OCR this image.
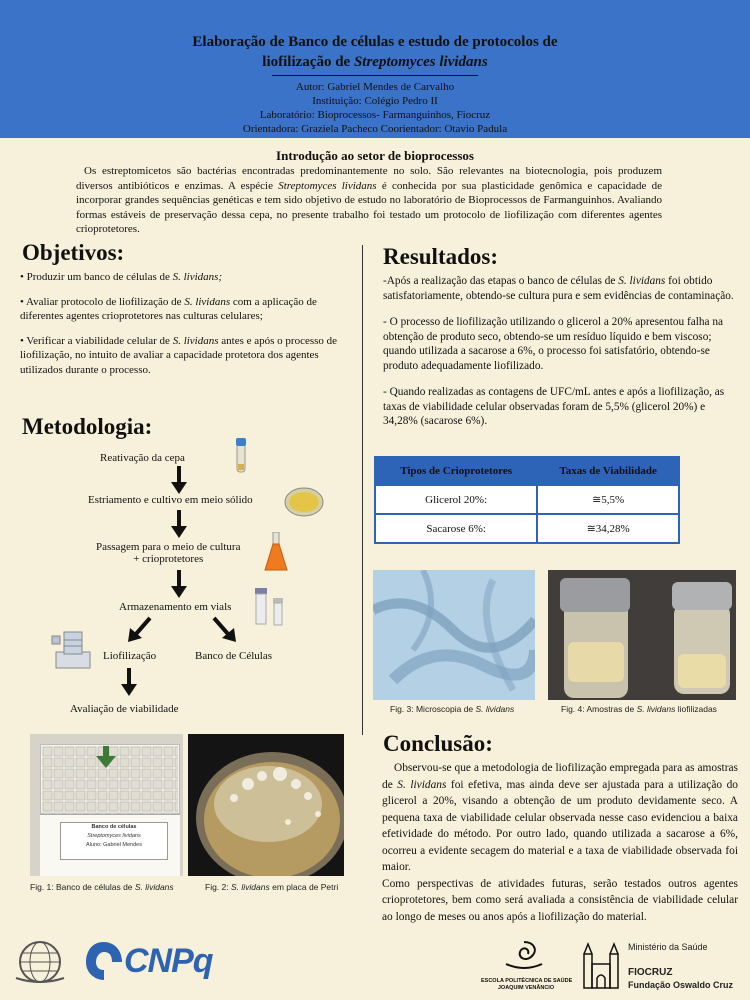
Elaboração de Banco de células e estudo de protocolos de
liofilização de Streptomyces lividans
Autor: Gabriel Mendes de Carvalho
Instituição: Colégio Pedro II
Laboratório: Bioprocessos- Farmanguinhos, Fiocruz
Orientadora: Graziela Pacheco Coorientador: Otavio Padula
Introdução ao setor de bioprocessos
Os estreptomicetos são bactérias encontradas predominantemente no solo. São relevantes na biotecnologia, pois produzem diversos antibióticos e enzimas. A espécie Streptomyces lividans é conhecida por sua plasticidade genômica e capacidade de incorporar grandes sequências genéticas e tem sido objetivo de estudo no laboratório de Bioprocessos de Farmanguinhos. Avaliando formas estáveis de preservação dessa cepa, no presente trabalho foi testado um protocolo de liofilização com diferentes agentes crioprotetores.
Objetivos:

• Produzir um banco de células de S. lividans;

• Avaliar protocolo de liofilização de S. lividans com a aplicação de diferentes agentes crioprotetores nas culturas celulares;

• Verificar a viabilidade celular de S. lividans antes e após o processo de liofilização, no intuito de avaliar a capacidade protetora dos agentes utilizados durante o processo.

Metodologia:
Reativação da cepa
Estriamento e cultivo em meio sólido
Passagem para o meio de cultura
+ crioprotetores
Armazenamento em vials
Liofilização	Banco de Células
Avaliação de viabilidade
Banco de células
Streptomyces lividans
Aluno: Gabriel Mendes
Fig. 1: Banco de células de S. lividans	Fig. 2: S. lividans em placa de Petri
Resultados:

-Após a realização das etapas o banco de células de S. lividans foi obtido satisfatoriamente, obtendo-se cultura pura e sem evidências de contaminação.

- O processo de liofilização utilizando o glicerol a 20% apresentou falha na obtenção de produto seco, obtendo-se um resíduo líquido e bem viscoso; quando utilizada a sacarose a 6%, o processo foi satisfatório, obtendo-se produto adequadamente liofilizado.

- Quando realizadas as contagens de UFC/mL antes e após a liofilização, as taxas de viabilidade celular observadas foram de 5,5% (glicerol 20%) e 34,28% (sacarose 6%).

Tipos de Crioprotetores	Taxas de Viabilidade
Glicerol 20%:	≅5,5%
Sacarose 6%:	≅34,28%
Fig. 3: Microscopia de S. lividans	Fig. 4: Amostras de S. lividans liofilizadas
Conclusão:

Observou-se que a metodologia de liofilização empregada para as amostras de S. lividans foi efetiva, mas ainda deve ser ajustada para a utilização do glicerol a 20%, visando a obtenção de um produto devidamente seco. A pequena taxa de viabilidade celular observada nesse caso evidenciou a baixa efetividade do método. Por outro lado, quando utilizada a sacarose a 6%, ocorreu a evidente secagem do material e a taxa de viabilidade observada foi maior.

Como perspectivas de atividades futuras, serão testados outros agentes crioprotetores, bem como será avaliada a consistência de viabilidade celular ao longo de meses ou anos após a liofilização do material.

CNPq
ESCOLA POLITÉCNICA DE SAÚDE
JOAQUIM VENÂNCIO
Ministério da Saúde
FIOCRUZ
Fundação Oswaldo Cruz
